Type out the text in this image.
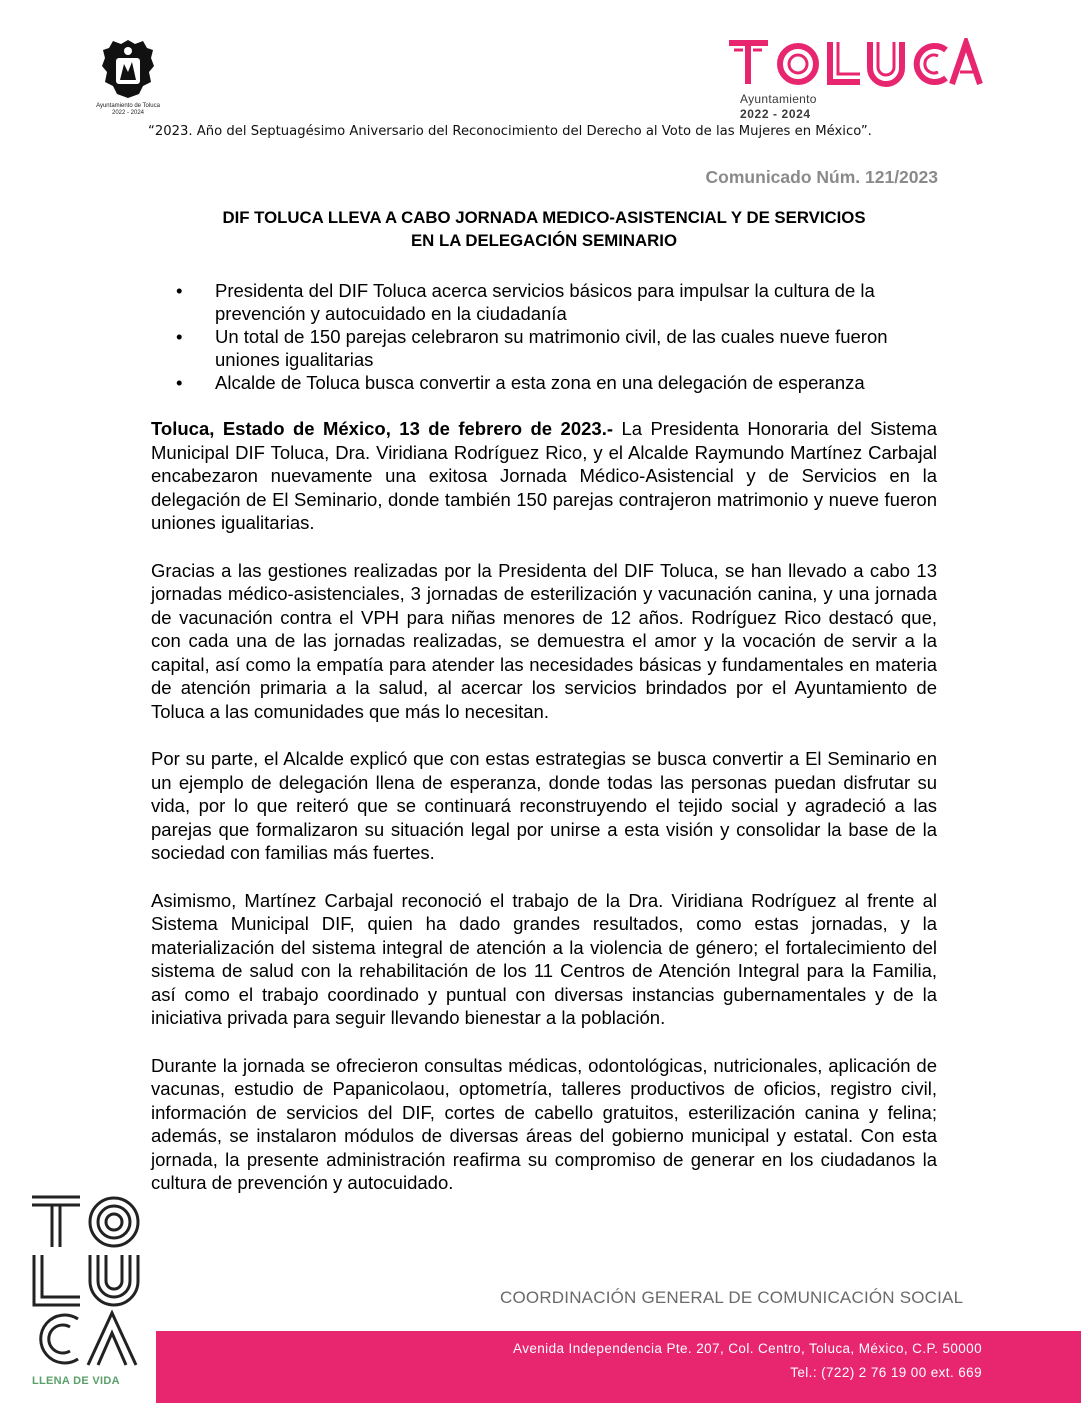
Ayuntamiento de Toluca
2022 - 2024
Ayuntamiento
2022 - 2024
“2023. Año del Septuagésimo Aniversario del Reconocimiento del Derecho al Voto de las Mujeres en México”.
Comunicado Núm. 121/2023
DIF TOLUCA LLEVA A CABO JORNADA MEDICO-ASISTENCIAL Y DE SERVICIOS
EN LA DELEGACIÓN SEMINARIO
• Presidenta del DIF Toluca acerca servicios básicos para impulsar la cultura de la prevención y autocuidado en la ciudadanía
• Un total de 150 parejas celebraron su matrimonio civil, de las cuales nueve fueron uniones igualitarias
• Alcalde de Toluca busca convertir a esta zona en una delegación de esperanza

Toluca, Estado de México, 13 de febrero de 2023.- La Presidenta Honoraria del Sistema Municipal DIF Toluca, Dra. Viridiana Rodríguez Rico, y el Alcalde Raymundo Martínez Carbajal encabezaron nuevamente una exitosa Jornada Médico-Asistencial y de Servicios en la delegación de El Seminario, donde también 150 parejas contrajeron matrimonio y nueve fueron uniones igualitarias.

Gracias a las gestiones realizadas por la Presidenta del DIF Toluca, se han llevado a cabo 13 jornadas médico-asistenciales, 3 jornadas de esterilización y vacunación canina, y una jornada de vacunación contra el VPH para niñas menores de 12 años. Rodríguez Rico destacó que, con cada una de las jornadas realizadas, se demuestra el amor y la vocación de servir a la capital, así como la empatía para atender las necesidades básicas y fundamentales en materia de atención primaria a la salud, al acercar los servicios brindados por el Ayuntamiento de Toluca a las comunidades que más lo necesitan.

Por su parte, el Alcalde explicó que con estas estrategias se busca convertir a El Seminario en un ejemplo de delegación llena de esperanza, donde todas las personas puedan disfrutar su vida, por lo que reiteró que se continuará reconstruyendo el tejido social y agradeció a las parejas que formalizaron su situación legal por unirse a esta visión y consolidar la base de la sociedad con familias más fuertes.

Asimismo, Martínez Carbajal reconoció el trabajo de la Dra. Viridiana Rodríguez al frente al Sistema Municipal DIF, quien ha dado grandes resultados, como estas jornadas, y la materialización del sistema integral de atención a la violencia de género; el fortalecimiento del sistema de salud con la rehabilitación de los 11 Centros de Atención Integral para la Familia, así como el trabajo coordinado y puntual con diversas instancias gubernamentales y de la iniciativa privada para seguir llevando bienestar a la población.

Durante la jornada se ofrecieron consultas médicas, odontológicas, nutricionales, aplicación de vacunas, estudio de Papanicolaou, optometría, talleres productivos de oficios, registro civil, información de servicios del DIF, cortes de cabello gratuitos, esterilización canina y felina; además, se instalaron módulos de diversas áreas del gobierno municipal y estatal. Con esta jornada, la presente administración reafirma su compromiso de generar en los ciudadanos la cultura de prevención y autocuidado.

LLENA DE VIDA
COORDINACIÓN GENERAL DE COMUNICACIÓN SOCIAL
Avenida Independencia Pte. 207, Col. Centro, Toluca, México, C.P. 50000
Tel.: (722) 2 76 19 00 ext. 669
